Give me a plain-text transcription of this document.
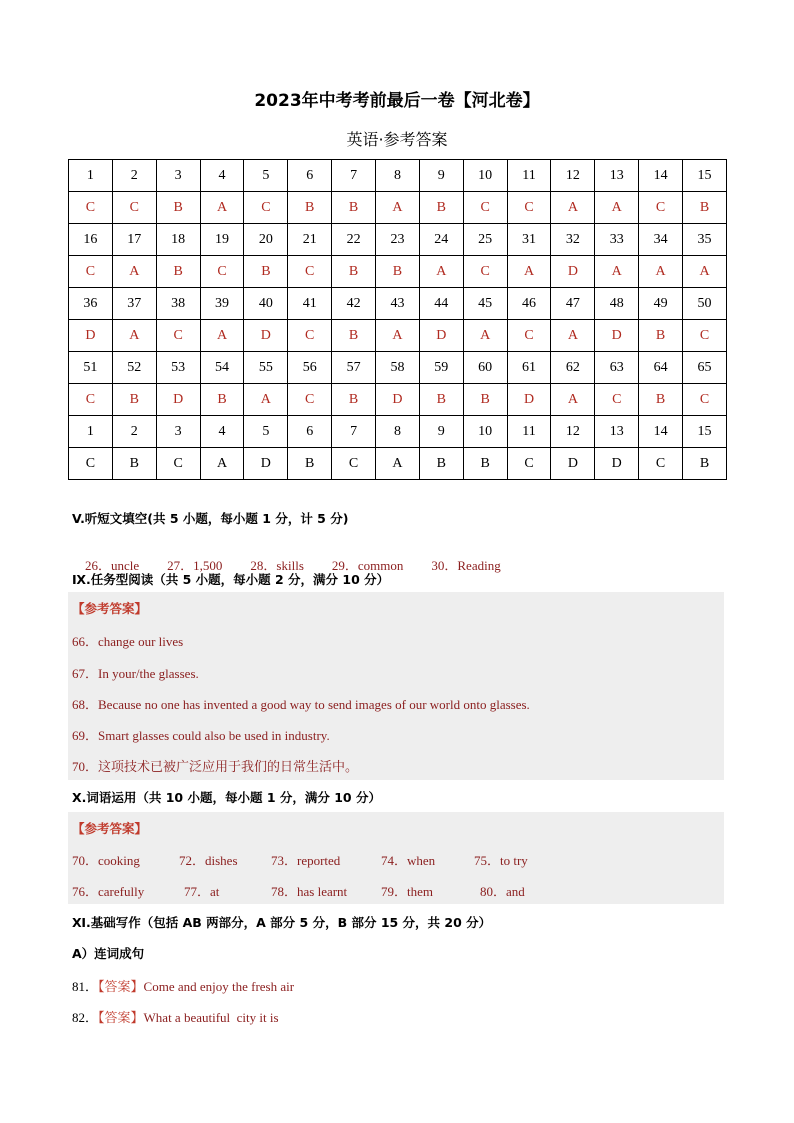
2023年中考考前最后一卷【河北卷】
英语·参考答案
1	2	3	4	5	6	7	8	9	10	11	12	13	14	15
C	C	B	A	C	B	B	A	B	C	C	A	A	C	B
16	17	18	19	20	21	22	23	24	25	31	32	33	34	35
C	A	B	C	B	C	B	B	A	C	A	D	A	A	A
36	37	38	39	40	41	42	43	44	45	46	47	48	49	50
D	A	C	A	D	C	B	A	D	A	C	A	D	B	C
51	52	53	54	55	56	57	58	59	60	61	62	63	64	65
C	B	D	B	A	C	B	D	B	B	D	A	C	B	C
1	2	3	4	5	6	7	8	9	10	11	12	13	14	15
C	B	C	A	D	B	C	A	B	B	C	D	D	C	B
V.听短文填空(共 5 小题，每小题 1 分，计 5 分)

26．uncle 27．1,500 28．skills 29．common 30．Reading

Ⅸ.任务型阅读（共 5 小题，每小题 2 分，满分 10 分）
【参考答案】
66．change our lives
67．In your/the glasses.
68．Because no one has invented a good way to send images of our world onto glasses.
69．Smart glasses could also be used in industry.
70．这项技术已被广泛应用于我们的日常生活中。
X.词语运用（共 10 小题，每小题 1 分，满分 10 分）
【参考答案】
70．cooking	72．dishes	73．reported	74．when	75．to try
76．carefully	77．at	78．has learnt	79．them	80．and
Ⅺ.基础写作（包括 AB 两部分，A 部分 5 分，B 部分 15 分，共 20 分）
A）连词成句
81．【答案】Come and enjoy the fresh air
82．【答案】What a beautiful  city it is
